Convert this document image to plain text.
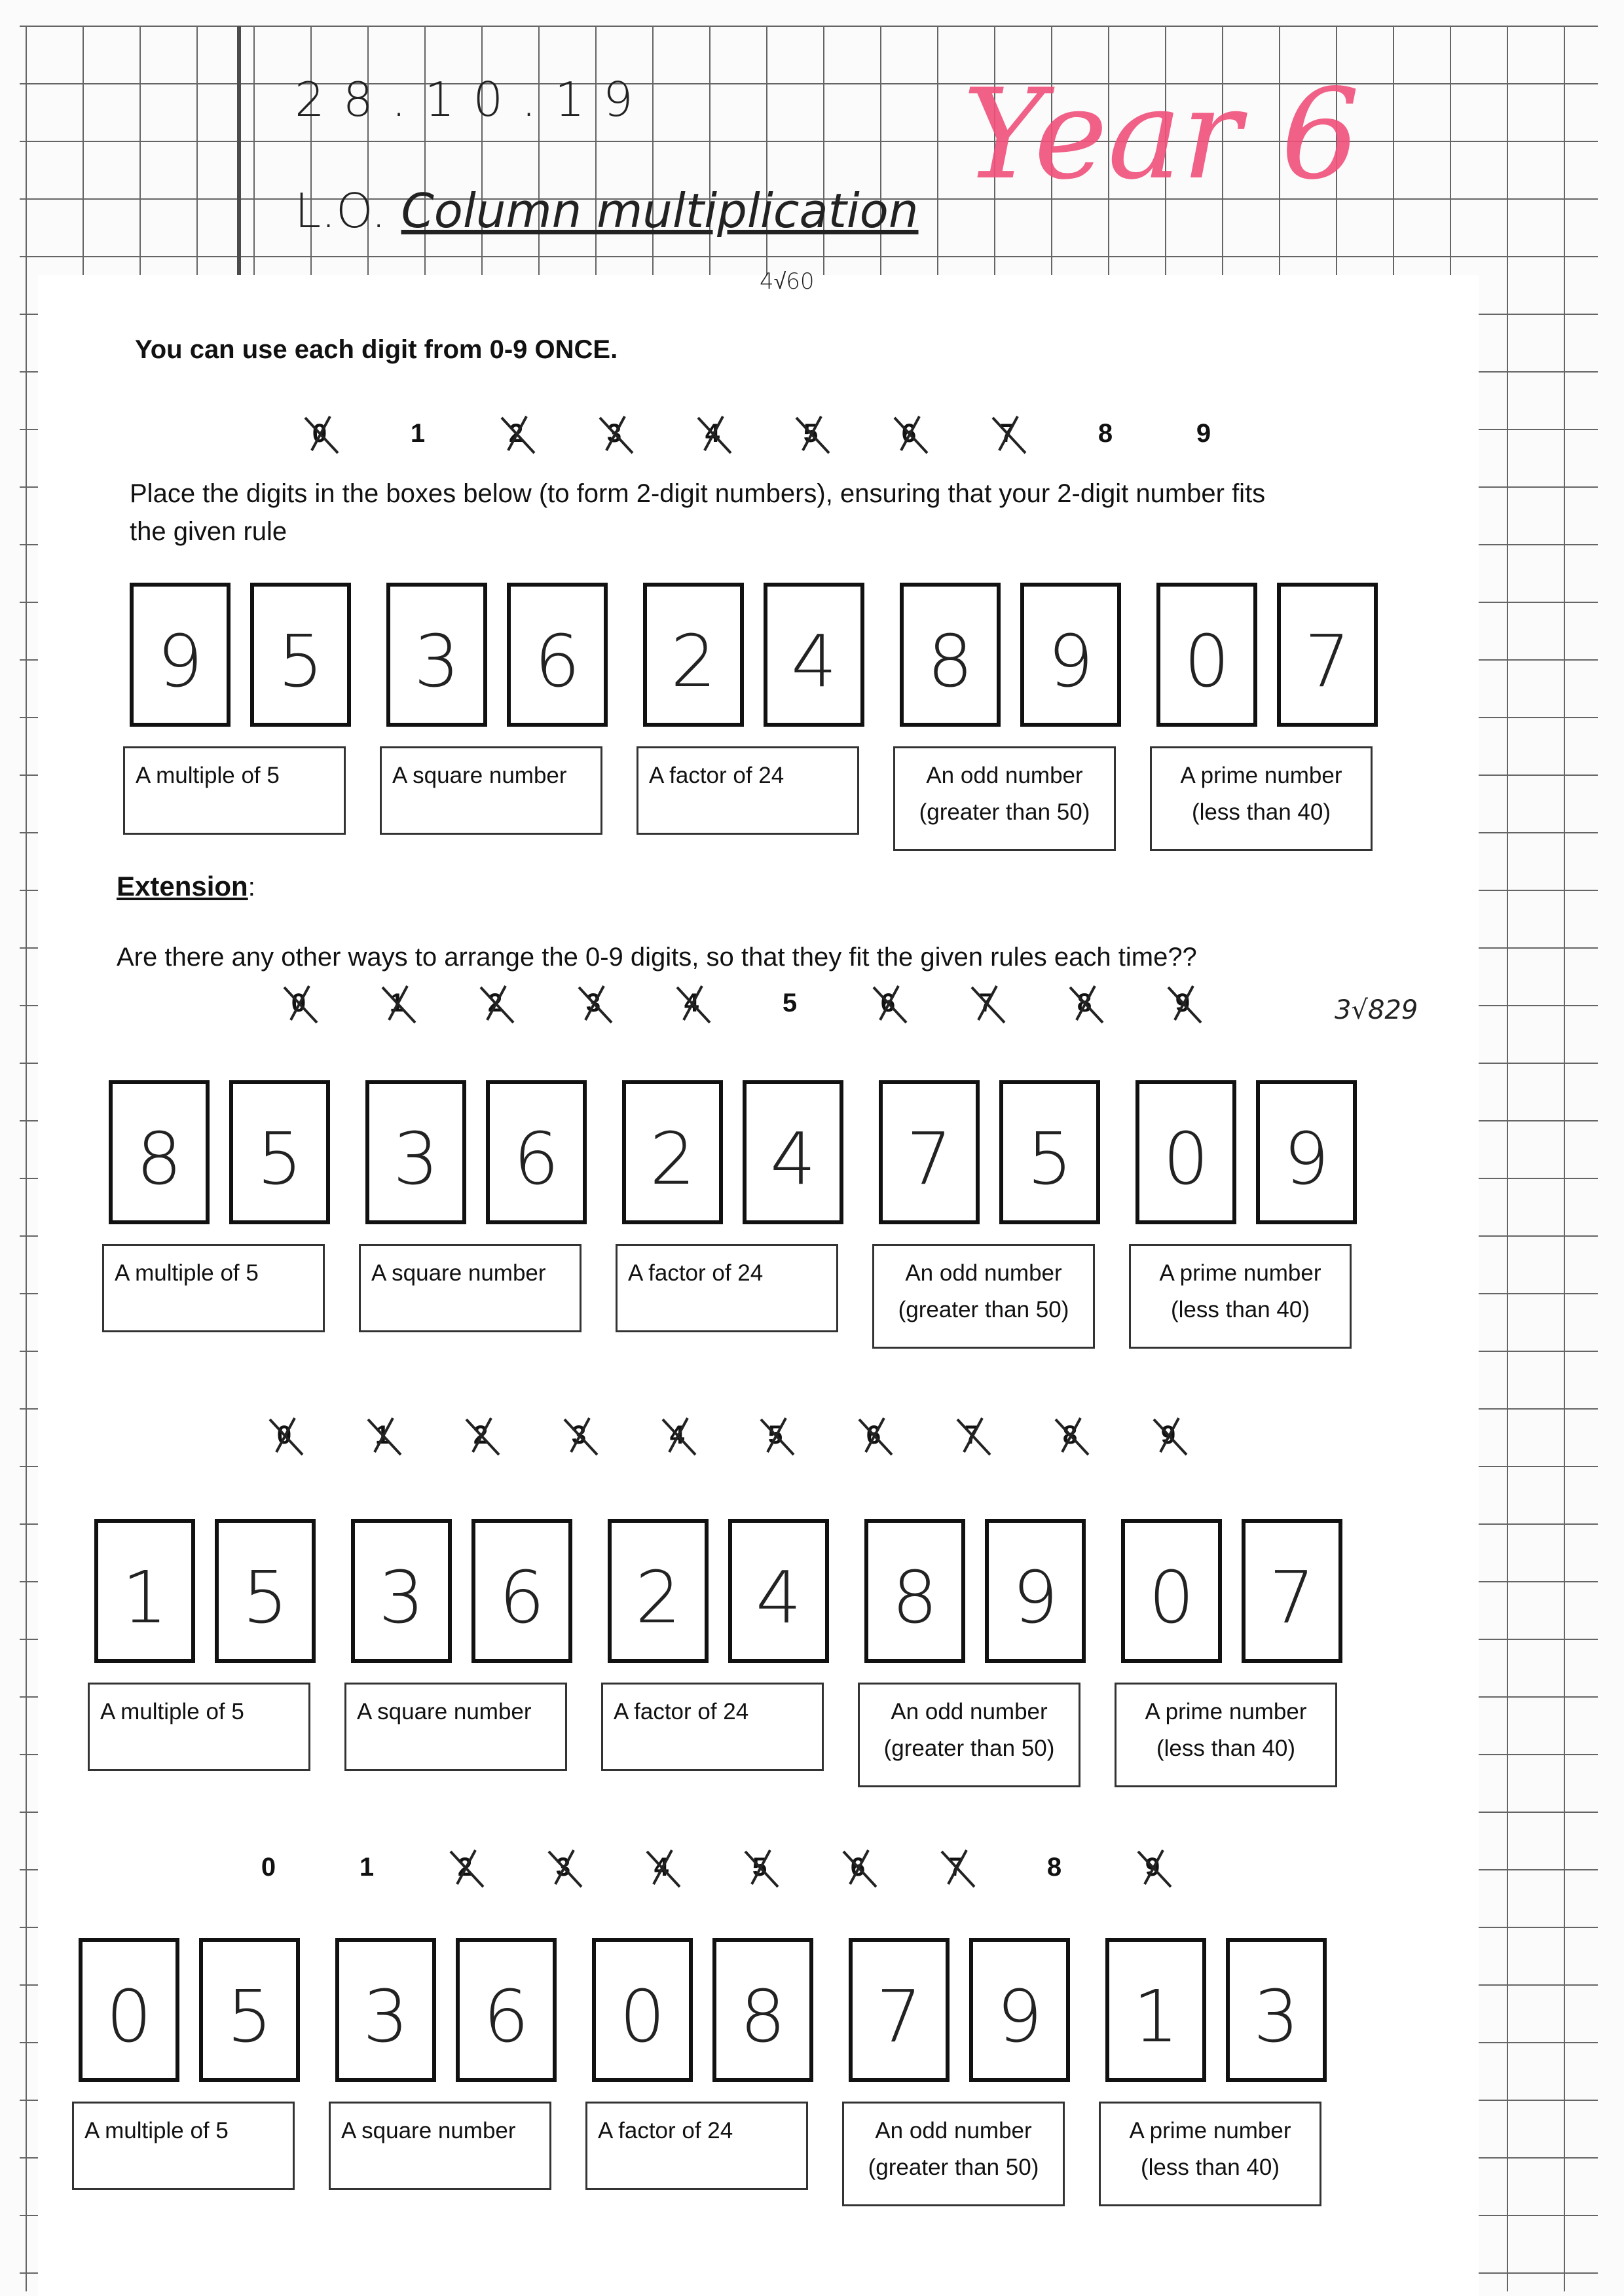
28.10.19
L.O. Column multiplication
Year 6
4√60
You can use each digit from 0-9 ONCE.
Place the digits in the boxes below (to form 2-digit numbers), ensuring that your 2-digit number fits
the given rule
Extension:
Are there any other ways to arrange the 0-9 digits, so that they fit the given rules each time??
3√829
0	1	2	3	4	5	6	7	8	9
9	5
A multiple of 5
3	6
A square number
2	4
A factor of 24
8	9
An odd number
(greater than 50)
0	7
A prime number
(less than 40)
0	1	2	3	4	5	6	7	8	9
8	5
A multiple of 5
3	6
A square number
2	4
A factor of 24
7	5
An odd number
(greater than 50)
0	9
A prime number
(less than 40)
0	1	2	3	4	5	6	7	8	9
1	5
A multiple of 5
3	6
A square number
2	4
A factor of 24
8	9
An odd number
(greater than 50)
0	7
A prime number
(less than 40)
0	1	2	3	4	5	6	7	8	9
0	5
A multiple of 5
3	6
A square number
0	8
A factor of 24
7	9
An odd number
(greater than 50)
1	3
A prime number
(less than 40)
